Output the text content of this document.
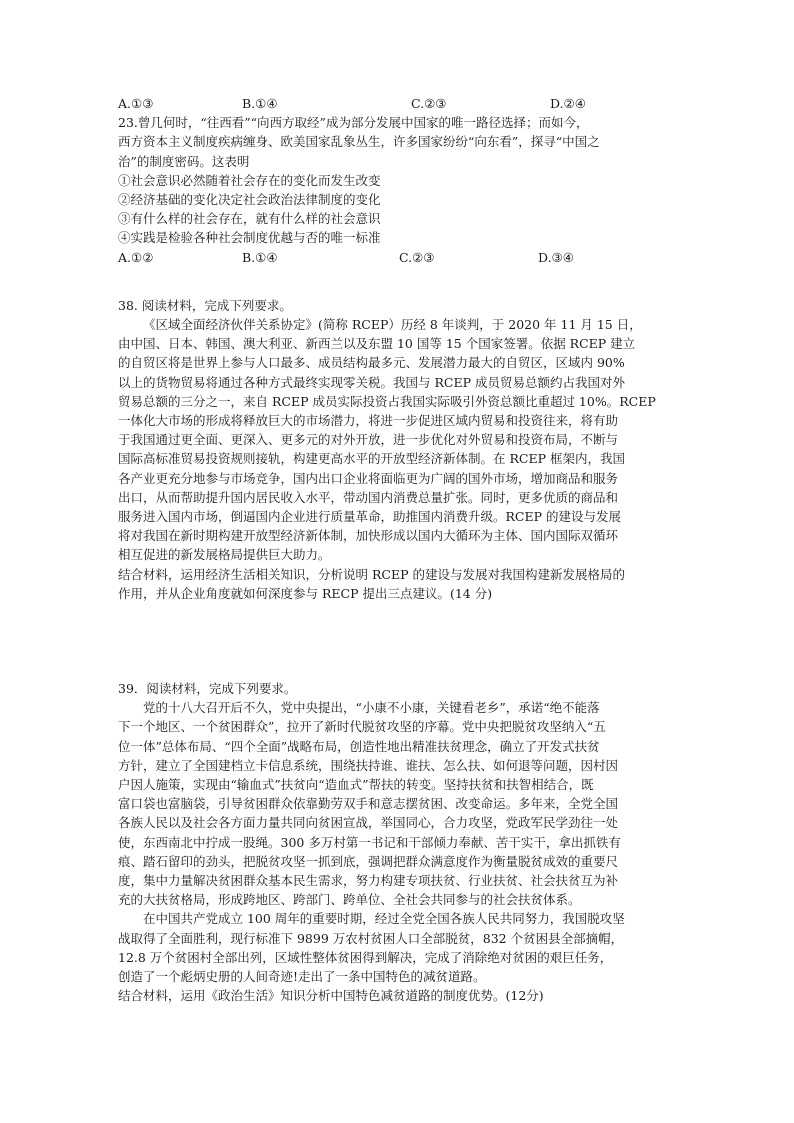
A.①③	B.①④	C.②③	D.②④
23.曾几何时，“往西看”“向西方取经”成为部分发展中国家的唯一路径选择；而如今，
西方资本主义制度疾病缠身、欧美国家乱象丛生，许多国家纷纷“向东看”，探寻“中国之
治”的制度密码。这表明
①社会意识必然随着社会存在的变化而发生改变
②经济基础的变化决定社会政治法律制度的变化
③有什么样的社会存在，就有什么样的社会意识
④实践是检验各种社会制度优越与否的唯一标准
A.①②	B.①④	C.②③	D.③④
38. 阅读材料，完成下列要求。
《区域全面经济伙伴关系协定》(简称 RCEP）历经 8 年谈判，于 2020 年 11 月 15 日，
由中国、日本、韩国、澳大利亚、新西兰以及东盟 10 国等 15 个国家签署。依据 RCEP 建立
的自贸区将是世界上参与人口最多、成员结构最多元、发展潜力最大的自贸区，区域内 90%
以上的货物贸易将通过各种方式最终实现零关税。我国与 RCEP 成员贸易总额约占我国对外
贸易总额的三分之一，来自 RCEP 成员实际投资占我国实际吸引外资总额比重超过 10%。RCEP
一体化大市场的形成将释放巨大的市场潜力，将进一步促进区域内贸易和投资往来，将有助
于我国通过更全面、更深入、更多元的对外开放，进一步优化对外贸易和投资布局，不断与
国际高标准贸易投资规则接轨，构建更高水平的开放型经济新体制。在 RCEP 框架内，我国
各产业更充分地参与市场竞争，国内出口企业将面临更为广阔的国外市场，增加商品和服务
出口，从而帮助提升国内居民收入水平，带动国内消费总量扩张。同时，更多优质的商品和
服务进入国内市场，倒逼国内企业进行质量革命，助推国内消费升级。RCEP 的建设与发展
将对我国在新时期构建开放型经济新体制，加快形成以国内大循环为主体、国内国际双循环
相互促进的新发展格局提供巨大助力。
结合材料，运用经济生活相关知识，分析说明 RCEP 的建设与发展对我国构建新发展格局的
作用，并从企业角度就如何深度参与 RECP 提出三点建议。(14 分)
39．阅读材料，完成下列要求。
党的十八大召开后不久，党中央提出，“小康不小康，关键看老乡”，承诺“绝不能落
下一个地区、一个贫困群众”，拉开了新时代脱贫攻坚的序幕。党中央把脱贫攻坚纳入“五
位一体”总体布局、“四个全面”战略布局，创造性地出精准扶贫理念，确立了开发式扶贫
方针，建立了全国建档立卡信息系统，围绕扶持谁、谁扶、怎么扶、如何退等问题，因村因
户因人施策，实现由“输血式”扶贫向“造血式”帮扶的转变。坚持扶贫和扶智相结合，既
富口袋也富脑袋，引导贫困群众依靠勤劳双手和意志摆贫困、改变命运。多年来，全党全国
各族人民以及社会各方面力量共同向贫困宣战，举国同心，合力攻坚，党政军民学劲往一处
使，东西南北中拧成一股绳。300 多万村第一书记和干部倾力奉献、苦干实干，拿出抓铁有
痕、踏石留印的劲头，把脱贫攻坚一抓到底，强调把群众满意度作为衡量脱贫成效的重要尺
度，集中力量解决贫困群众基本民生需求，努力构建专项扶贫、行业扶贫、社会扶贫互为补
充的大扶贫格局，形成跨地区、跨部门、跨单位、全社会共同参与的社会扶贫体系。
在中国共产党成立 100 周年的重要时期，经过全党全国各族人民共同努力，我国脱攻坚
战取得了全面胜利，现行标准下 9899 万农村贫困人口全部脱贫，832 个贫困县全部摘帽，
12.8 万个贫困村全部出列，区域性整体贫困得到解决，完成了消除绝对贫困的艰巨任务，
创造了一个彪炳史册的人间奇迹!走出了一条中国特色的减贫道路。
结合材料，运用《政治生活》知识分析中国特色减贫道路的制度优势。(12分)
